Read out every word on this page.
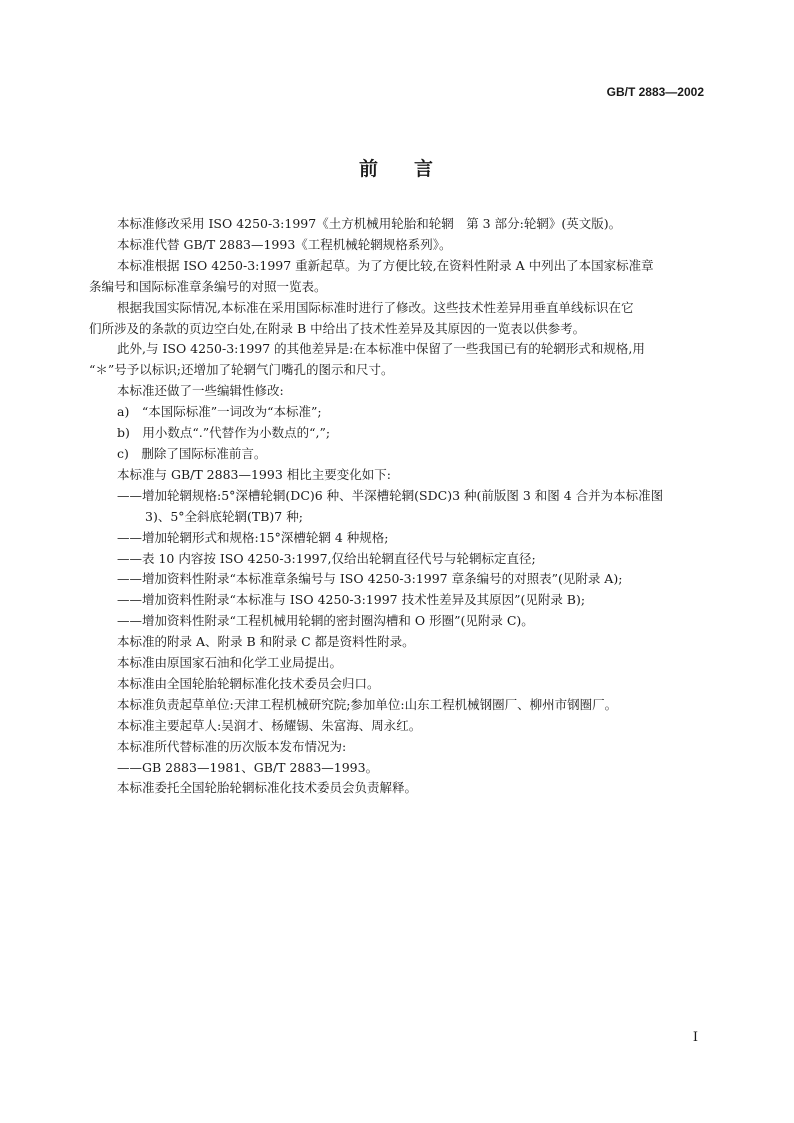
GB/T 2883—2002
前 言
本标准修改采用 ISO 4250-3:1997《土方机械用轮胎和轮辋　第 3 部分:轮辋》(英文版)。
本标准代替 GB/T 2883—1993《工程机械轮辋规格系列》。
本标准根据 ISO 4250-3:1997 重新起草。为了方便比较,在资料性附录 A 中列出了本国家标准章
条编号和国际标准章条编号的对照一览表。
根据我国实际情况,本标准在采用国际标准时进行了修改。这些技术性差异用垂直单线标识在它
们所涉及的条款的页边空白处,在附录 B 中给出了技术性差异及其原因的一览表以供参考。
此外,与 ISO 4250-3:1997 的其他差异是:在本标准中保留了一些我国已有的轮辋形式和规格,用
“＊”号予以标识;还增加了轮辋气门嘴孔的图示和尺寸。
本标准还做了一些编辑性修改:
a)　“本国际标准”一词改为“本标准”;
b)　用小数点“.”代替作为小数点的“,”;
c)　删除了国际标准前言。
本标准与 GB/T 2883—1993 相比主要变化如下:
——增加轮辋规格:5°深槽轮辋(DC)6 种、半深槽轮辋(SDC)3 种(前版图 3 和图 4 合并为本标准图
3)、5°全斜底轮辋(TB)7 种;
——增加轮辋形式和规格:15°深槽轮辋 4 种规格;
——表 10 内容按 ISO 4250-3:1997,仅给出轮辋直径代号与轮辋标定直径;
——增加资料性附录“本标准章条编号与 ISO 4250-3:1997 章条编号的对照表”(见附录 A);
——增加资料性附录“本标准与 ISO 4250-3:1997 技术性差异及其原因”(见附录 B);
——增加资料性附录“工程机械用轮辋的密封圈沟槽和 O 形圈”(见附录 C)。
本标准的附录 A、附录 B 和附录 C 都是资料性附录。
本标准由原国家石油和化学工业局提出。
本标准由全国轮胎轮辋标准化技术委员会归口。
本标准负责起草单位:天津工程机械研究院;参加单位:山东工程机械钢圈厂、柳州市钢圈厂。
本标准主要起草人:吴润才、杨耀锡、朱富海、周永红。
本标准所代替标准的历次版本发布情况为:
——GB 2883—1981、GB/T 2883—1993。
本标准委托全国轮胎轮辋标准化技术委员会负责解释。
I
